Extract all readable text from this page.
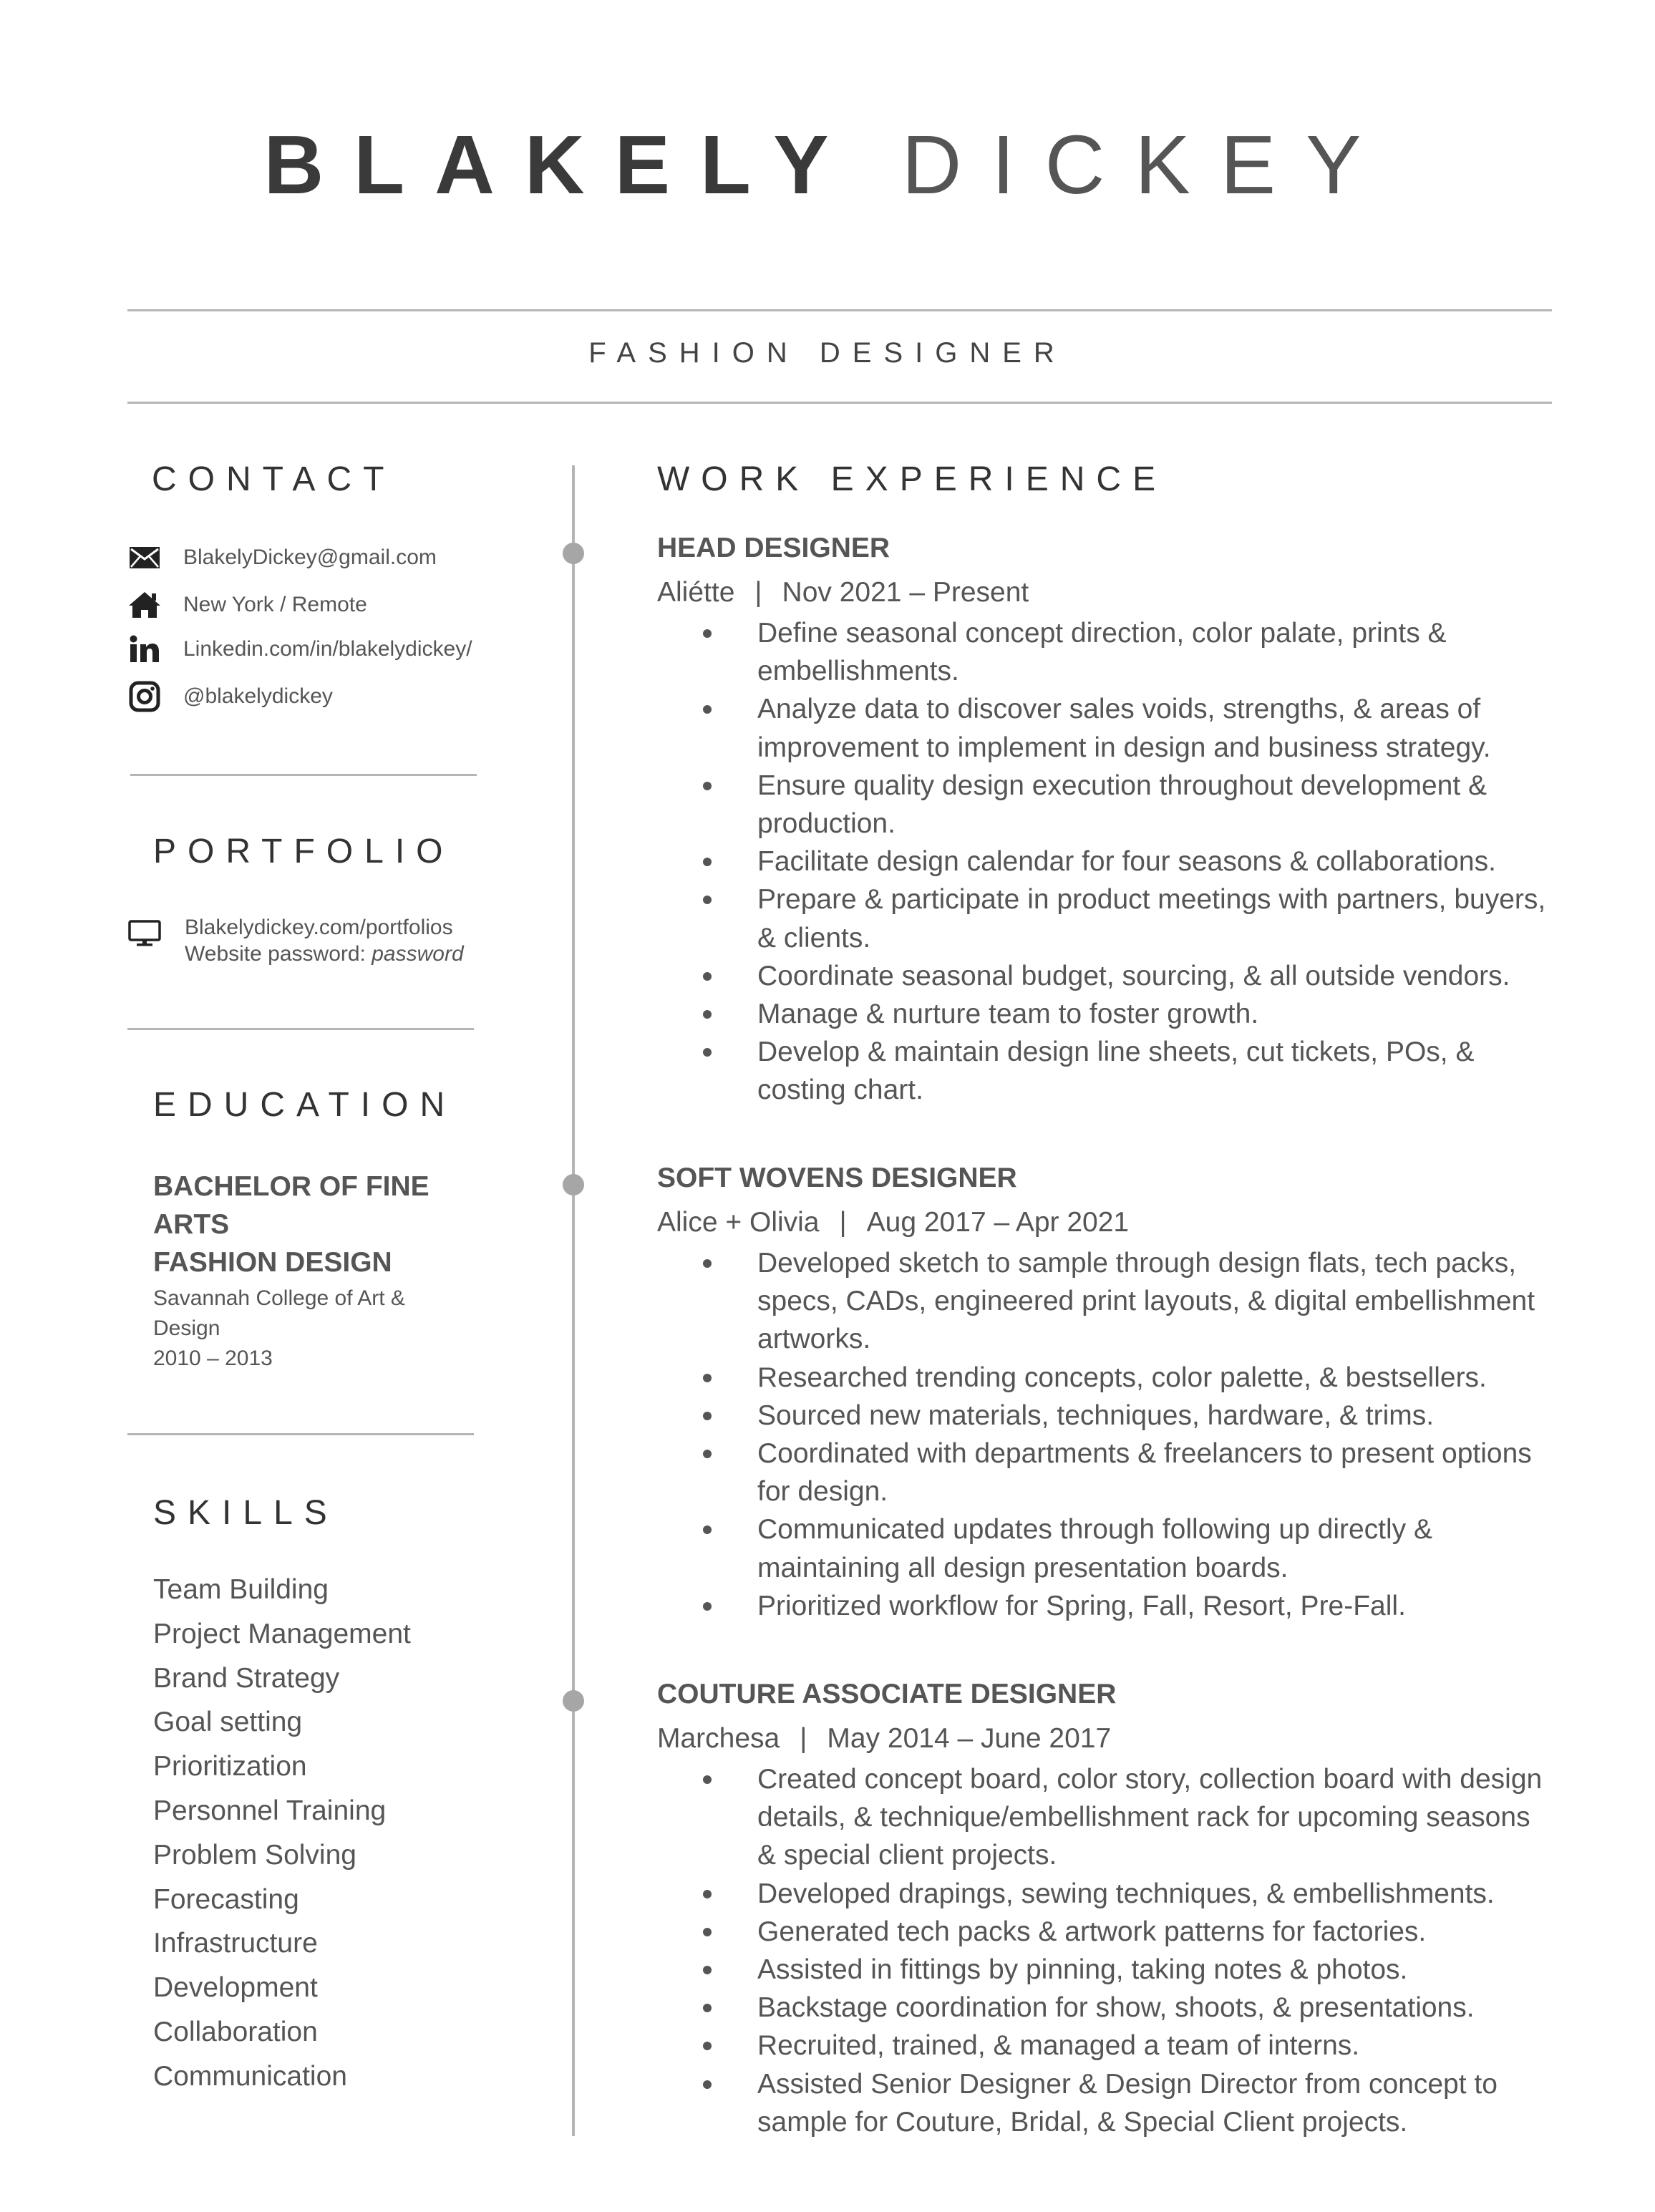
BLAKELY DICKEY
FASHION DESIGNER
CONTACT
BlakelyDickey@gmail.com
New York / Remote
Linkedin.com/in/blakelydickey/
@blakelydickey
PORTFOLIO
Blakelydickey.com/portfolios
Website password: password
EDUCATION
BACHELOR OF FINE
ARTS
FASHION DESIGN
Savannah College of Art &
Design
2010 – 2013
SKILLS
Team Building
Project Management
Brand Strategy
Goal setting
Prioritization
Personnel Training
Problem Solving
Forecasting
Infrastructure
Development
Collaboration
Communication
WORK EXPERIENCE
HEAD DESIGNER
Aliétte | Nov 2021 – Present
Define seasonal concept direction, color palate, prints & embellishments.
Analyze data to discover sales voids, strengths, & areas of improvement to implement in design and business strategy.
Ensure quality design execution throughout development & production.
Facilitate design calendar for four seasons & collaborations.
Prepare & participate in product meetings with partners, buyers, & clients.
Coordinate seasonal budget, sourcing, & all outside vendors.
Manage & nurture team to foster growth.
Develop & maintain design line sheets, cut tickets, POs, & costing chart.
SOFT WOVENS DESIGNER
Alice + Olivia | Aug 2017 – Apr 2021
Developed sketch to sample through design flats, tech packs, specs, CADs, engineered print layouts, & digital embellishment artworks.
Researched trending concepts, color palette, & bestsellers.
Sourced new materials, techniques, hardware, & trims.
Coordinated with departments & freelancers to present options for design.
Communicated updates through following up directly & maintaining all design presentation boards.
Prioritized workflow for Spring, Fall, Resort, Pre-Fall.
COUTURE ASSOCIATE DESIGNER
Marchesa | May 2014 – June 2017
Created concept board, color story, collection board with design details, & technique/embellishment rack for upcoming seasons & special client projects.
Developed drapings, sewing techniques, & embellishments.
Generated tech packs & artwork patterns for factories.
Assisted in fittings by pinning, taking notes & photos.
Backstage coordination for show, shoots, & presentations.
Recruited, trained, & managed a team of interns.
Assisted Senior Designer & Design Director from concept to sample for Couture, Bridal, & Special Client projects.
